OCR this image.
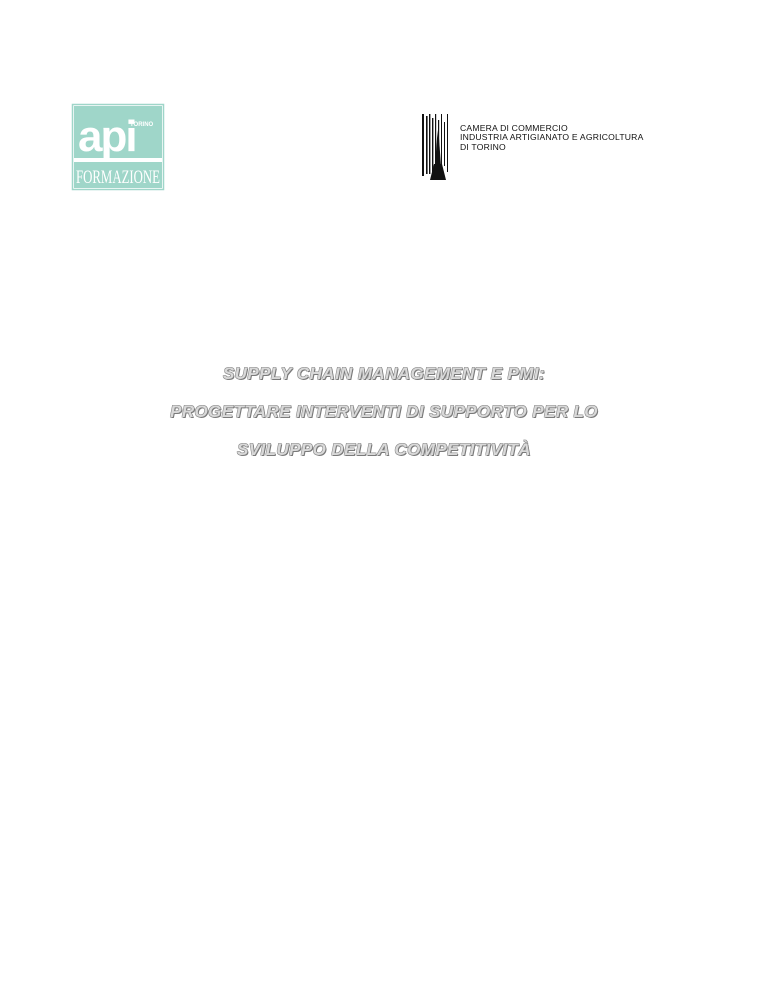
api
TORINO
FORMAZIONE
CAMERA DI COMMERCIO
INDUSTRIA ARTIGIANATO E AGRICOLTURA
DI TORINO
SUPPLY CHAIN MANAGEMENT E PMI:
PROGETTARE INTERVENTI DI SUPPORTO PER LO
SVILUPPO DELLA COMPETITIVITÀ
